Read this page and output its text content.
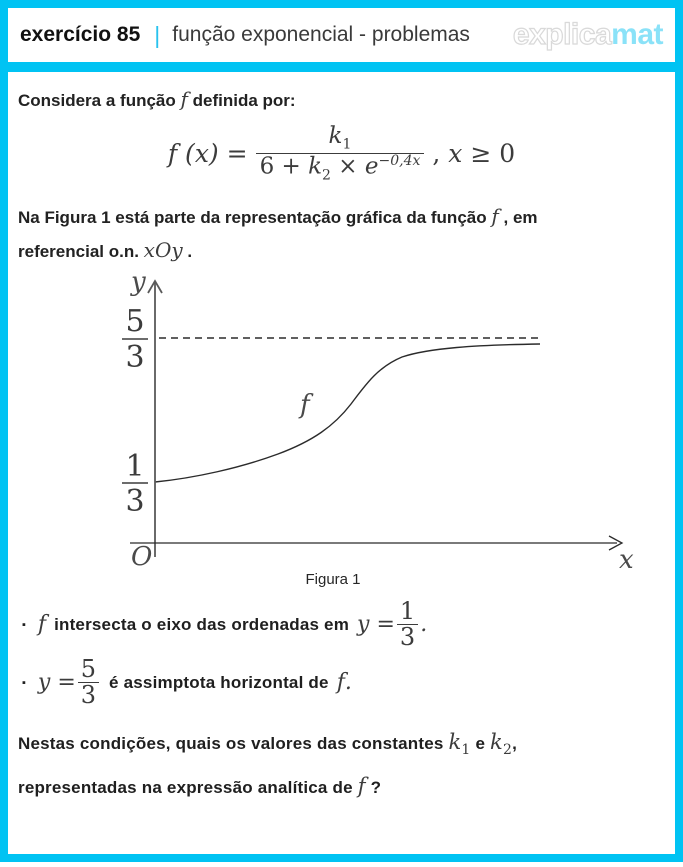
exercício 85 | função exponencial - problemas explicamat
Considera a função f definida por:
f $(x) = \frac{k_1}{6 + k_2 \times e^{-0,4x}}$ , x ≥ 0
Na Figura 1 está parte da representação gráfica da função f , em
referencial o.n. xOy .
y
x
O
f
5
3
1
3
Figura 1
▪ f intersecta o eixo das ordenadas em $y = \frac{1}{3}$ .
▪ $y = \frac{5}{3}$ é assimptota horizontal de f .
Nestas condições, quais os valores das constantes $k_1$ e $k_2$,
representadas na expressão analítica de f ?
